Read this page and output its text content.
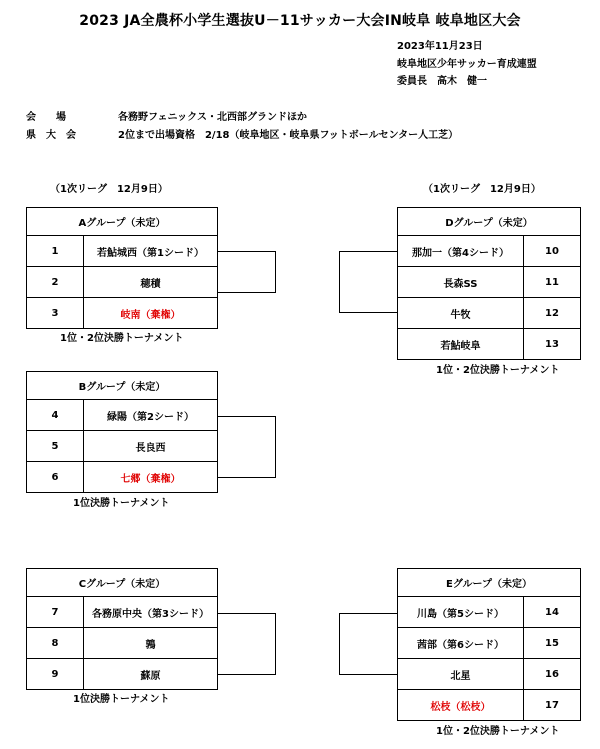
2023 JA全農杯小学生選抜U－11サッカー大会IN岐阜 岐阜地区大会
2023年11月23日
岐阜地区少年サッカー育成連盟
委員長　高木　健一
会　　場	各務野フェニックス・北西部グランドほか
県　大　会	2位まで出場資格　2/18（岐阜地区・岐阜県フットボールセンター人工芝）
（1次リーグ　12月9日）	（1次リーグ　12月9日）
Aグループ（未定）	
1	若鮎城西（第1シード）
2	穂積
3	岐南（棄権）
1位・2位決勝トーナメント
Bグループ（未定）	
4	緑陽（第2シード）
5	長良西
6	七郷（棄権）
1位決勝トーナメント
Cグループ（未定）	
7	各務原中央（第3シード）
8	鶉
9	蘇原
1位決勝トーナメント
Dグループ（未定）	
那加一（第4シード）	10
長森SS	11
牛牧	12
若鮎岐阜	13
1位・2位決勝トーナメント
Eグループ（未定）	
川島（第5シード）	14
茜部（第6シード）	15
北星	16
松枝（松枝）	17
1位・2位決勝トーナメント
